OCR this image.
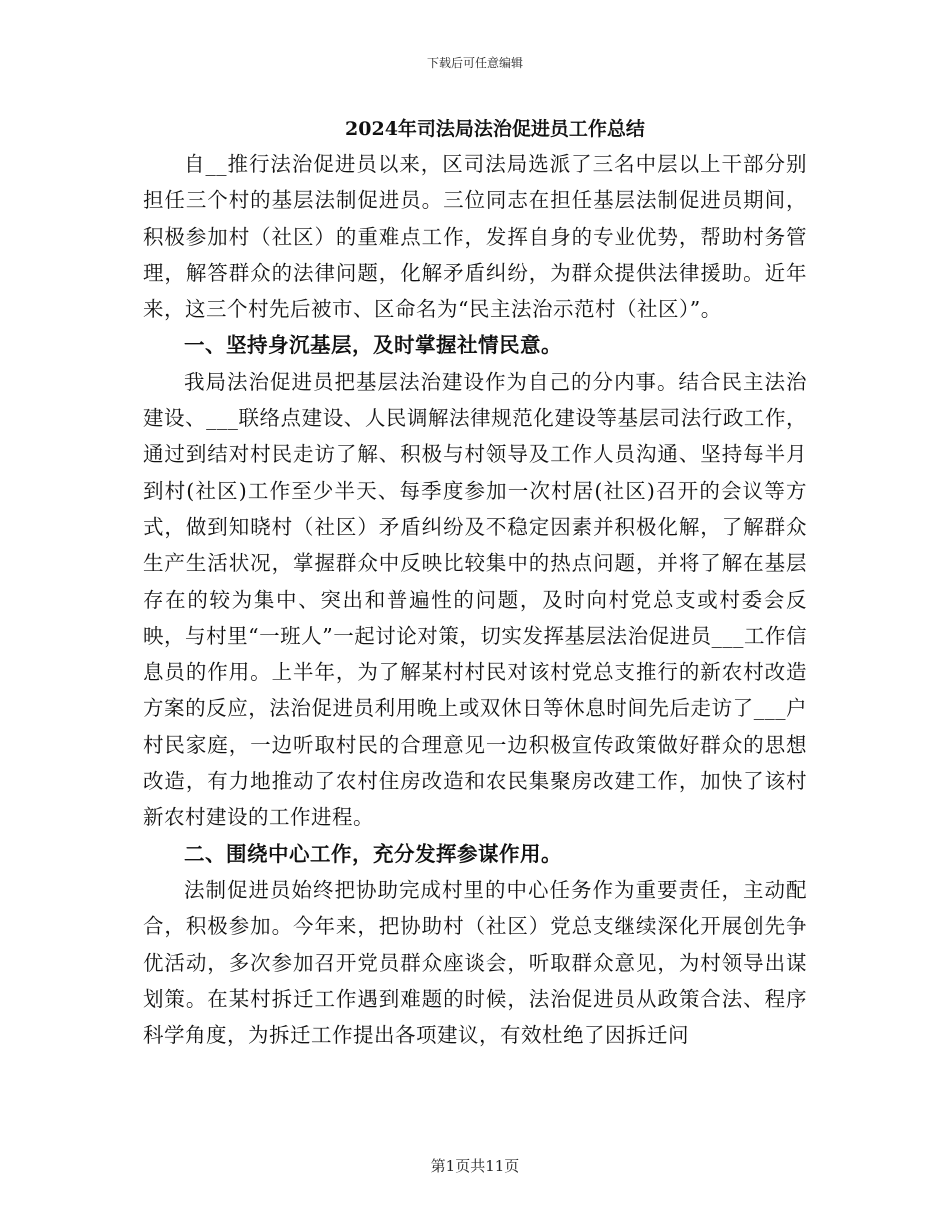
下载后可任意编辑
2024年司法局法治促进员工作总结

自__推行法治促进员以来，区司法局选派了三名中层以上干部分别担任三个村的基层法制促进员。三位同志在担任基层法制促进员期间，积极参加村（社区）的重难点工作，发挥自身的专业优势，帮助村务管理，解答群众的法律问题，化解矛盾纠纷，为群众提供法律援助。近年来，这三个村先后被市、区命名为“民主法治示范村（社区）”。

一、坚持身沉基层，及时掌握社情民意。

我局法治促进员把基层法治建设作为自己的分内事。结合民主法治建设、___联络点建设、人民调解法律规范化建设等基层司法行政工作，通过到结对村民走访了解、积极与村领导及工作人员沟通、坚持每半月到村(社区)工作至少半天、每季度参加一次村居(社区)召开的会议等方式，做到知晓村（社区）矛盾纠纷及不稳定因素并积极化解，了解群众生产生活状况，掌握群众中反映比较集中的热点问题，并将了解在基层存在的较为集中、突出和普遍性的问题，及时向村党总支或村委会反映，与村里“一班人”一起讨论对策，切实发挥基层法治促进员___工作信息员的作用。上半年，为了解某村村民对该村党总支推行的新农村改造方案的反应，法治促进员利用晚上或双休日等休息时间先后走访了___户村民家庭，一边听取村民的合理意见一边积极宣传政策做好群众的思想改造，有力地推动了农村住房改造和农民集聚房改建工作，加快了该村新农村建设的工作进程。

二、围绕中心工作，充分发挥参谋作用。

法制促进员始终把协助完成村里的中心任务作为重要责任，主动配合，积极参加。今年来，把协助村（社区）党总支继续深化开展创先争优活动，多次参加召开党员群众座谈会，听取群众意见，为村领导出谋划策。在某村拆迁工作遇到难题的时候，法治促进员从政策合法、程序科学角度，为拆迁工作提出各项建议，有效杜绝了因拆迁问

第1页共11页
